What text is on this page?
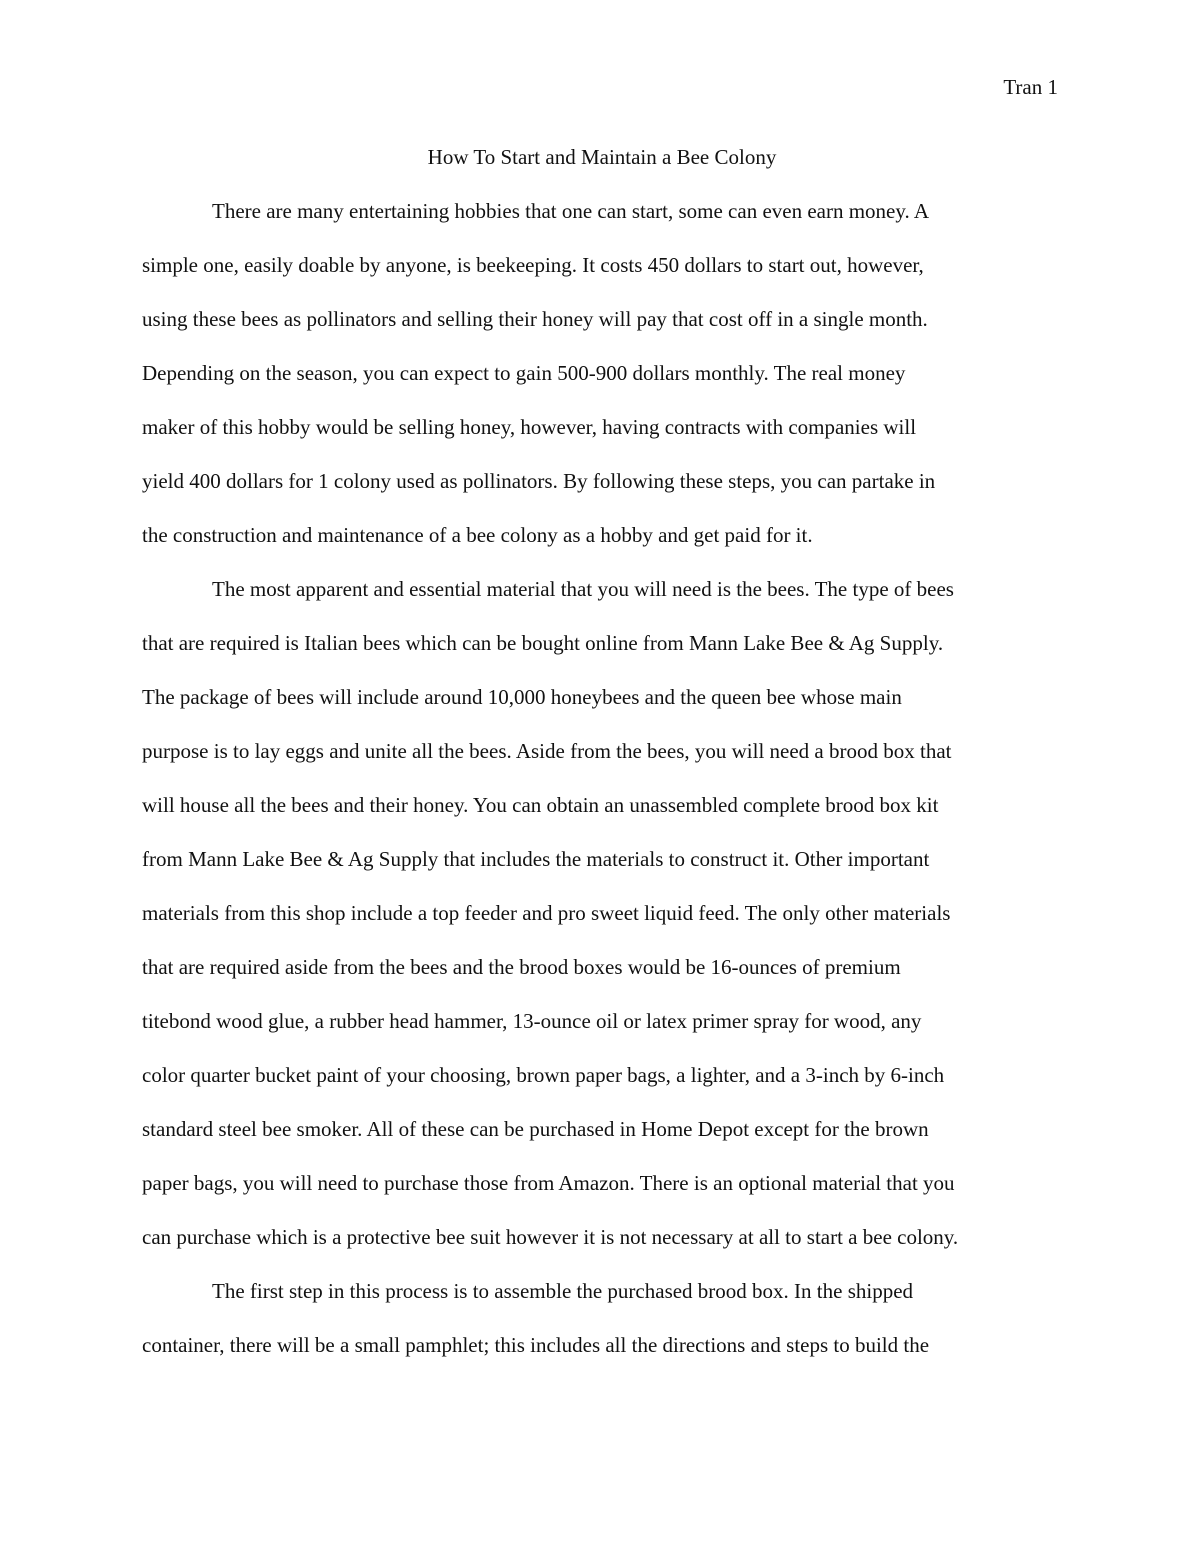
Tran 1
How To Start and Maintain a Bee Colony
There are many entertaining hobbies that one can start, some can even earn money. A
simple one, easily doable by anyone, is beekeeping. It costs 450 dollars to start out, however,
using these bees as pollinators and selling their honey will pay that cost off in a single month.
Depending on the season, you can expect to gain 500-900 dollars monthly. The real money
maker of this hobby would be selling honey, however, having contracts with companies will
yield 400 dollars for 1 colony used as pollinators. By following these steps, you can partake in
the construction and maintenance of a bee colony as a hobby and get paid for it.
The most apparent and essential material that you will need is the bees. The type of bees
that are required is Italian bees which can be bought online from Mann Lake Bee & Ag Supply.
The package of bees will include around 10,000 honeybees and the queen bee whose main
purpose is to lay eggs and unite all the bees. Aside from the bees, you will need a brood box that
will house all the bees and their honey. You can obtain an unassembled complete brood box kit
from Mann Lake Bee & Ag Supply that includes the materials to construct it. Other important
materials from this shop include a top feeder and pro sweet liquid feed. The only other materials
that are required aside from the bees and the brood boxes would be 16-ounces of premium
titebond wood glue, a rubber head hammer, 13-ounce oil or latex primer spray for wood, any
color quarter bucket paint of your choosing, brown paper bags, a lighter, and a 3-inch by 6-inch
standard steel bee smoker. All of these can be purchased in Home Depot except for the brown
paper bags, you will need to purchase those from Amazon. There is an optional material that you
can purchase which is a protective bee suit however it is not necessary at all to start a bee colony.
The first step in this process is to assemble the purchased brood box. In the shipped
container, there will be a small pamphlet; this includes all the directions and steps to build the
